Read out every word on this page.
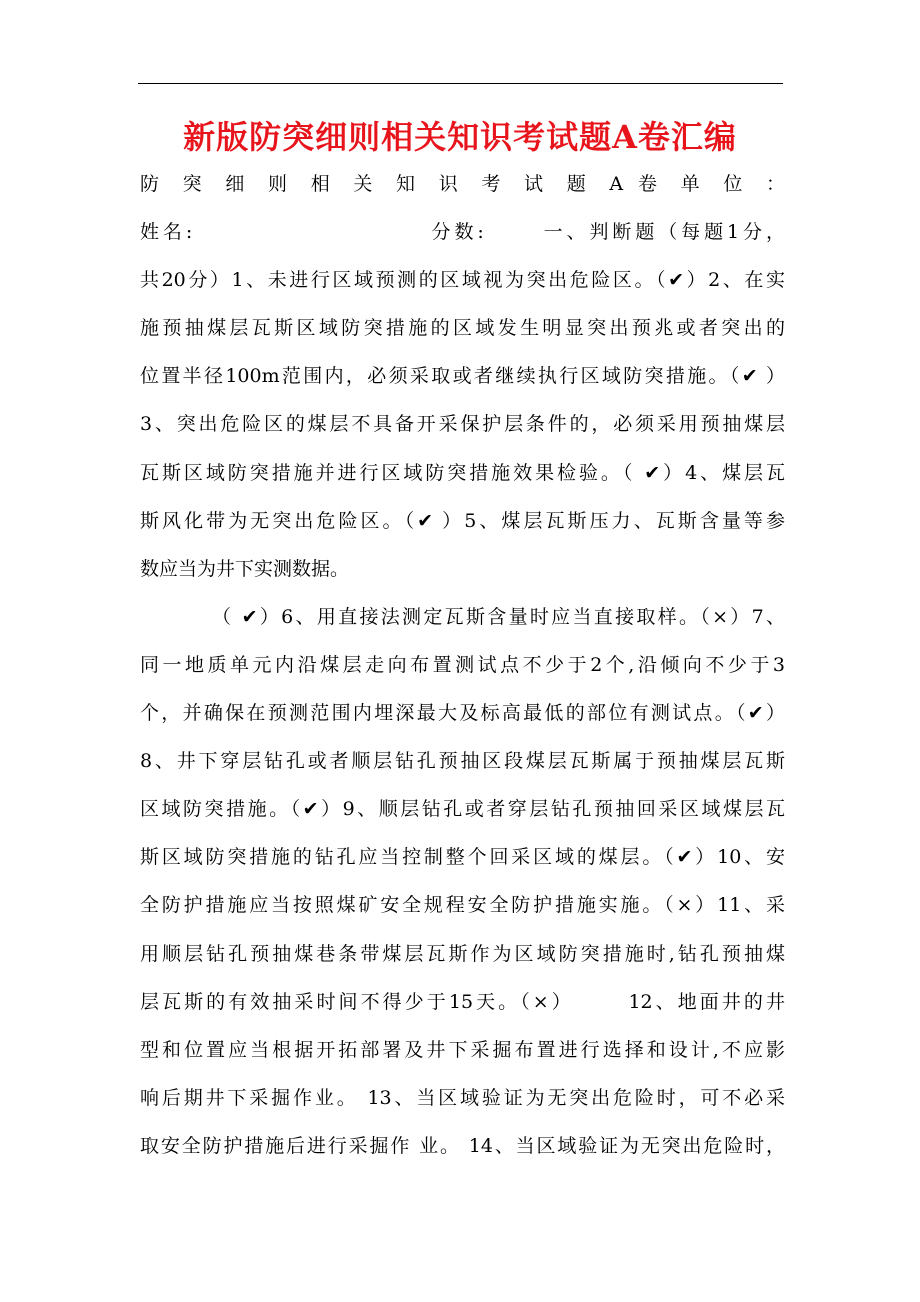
新版防突细则相关知识考试题A卷汇编
防 突 细 则 相 关 知 识 考 试 题 A 卷 单 位 ：
姓名:                        分数:      一、判断题（每题1分，
共20分）1、未进行区域预测的区域视为突出危险区。（✔）2、在实
施预抽煤层瓦斯区域防突措施的区域发生明显突出预兆或者突出的
位置半径100m范围内，必须采取或者继续执行区域防突措施。（✔ ）
3、突出危险区的煤层不具备开采保护层条件的，必须采用预抽煤层
瓦斯区域防突措施并进行区域防突措施效果检验。（ ✔）4、煤层瓦
斯风化带为无突出危险区。（✔ ）5、煤层瓦斯压力、瓦斯含量等参
数应当为井下实测数据。
（ ✔）6、用直接法测定瓦斯含量时应当直接取样。（×）7、
同一地质单元内沿煤层走向布置测试点不少于2个,沿倾向不少于3
个，并确保在预测范围内埋深最大及标高最低的部位有测试点。（✔）
8、井下穿层钻孔或者顺层钻孔预抽区段煤层瓦斯属于预抽煤层瓦斯
区域防突措施。（✔）9、顺层钻孔或者穿层钻孔预抽回采区域煤层瓦
斯区域防突措施的钻孔应当控制整个回采区域的煤层。（✔）10、安
全防护措施应当按照煤矿安全规程安全防护措施实施。（×）11、采
用顺层钻孔预抽煤巷条带煤层瓦斯作为区域防突措施时,钻孔预抽煤
层瓦斯的有效抽采时间不得少于15天。（×）      12、地面井的井
型和位置应当根据开拓部署及井下采掘布置进行选择和设计,不应影
响后期井下采掘作业。 13、当区域验证为无突出危险时，可不必采
取安全防护措施后进行采掘作 业。 14、当区域验证为无突出危险时，
